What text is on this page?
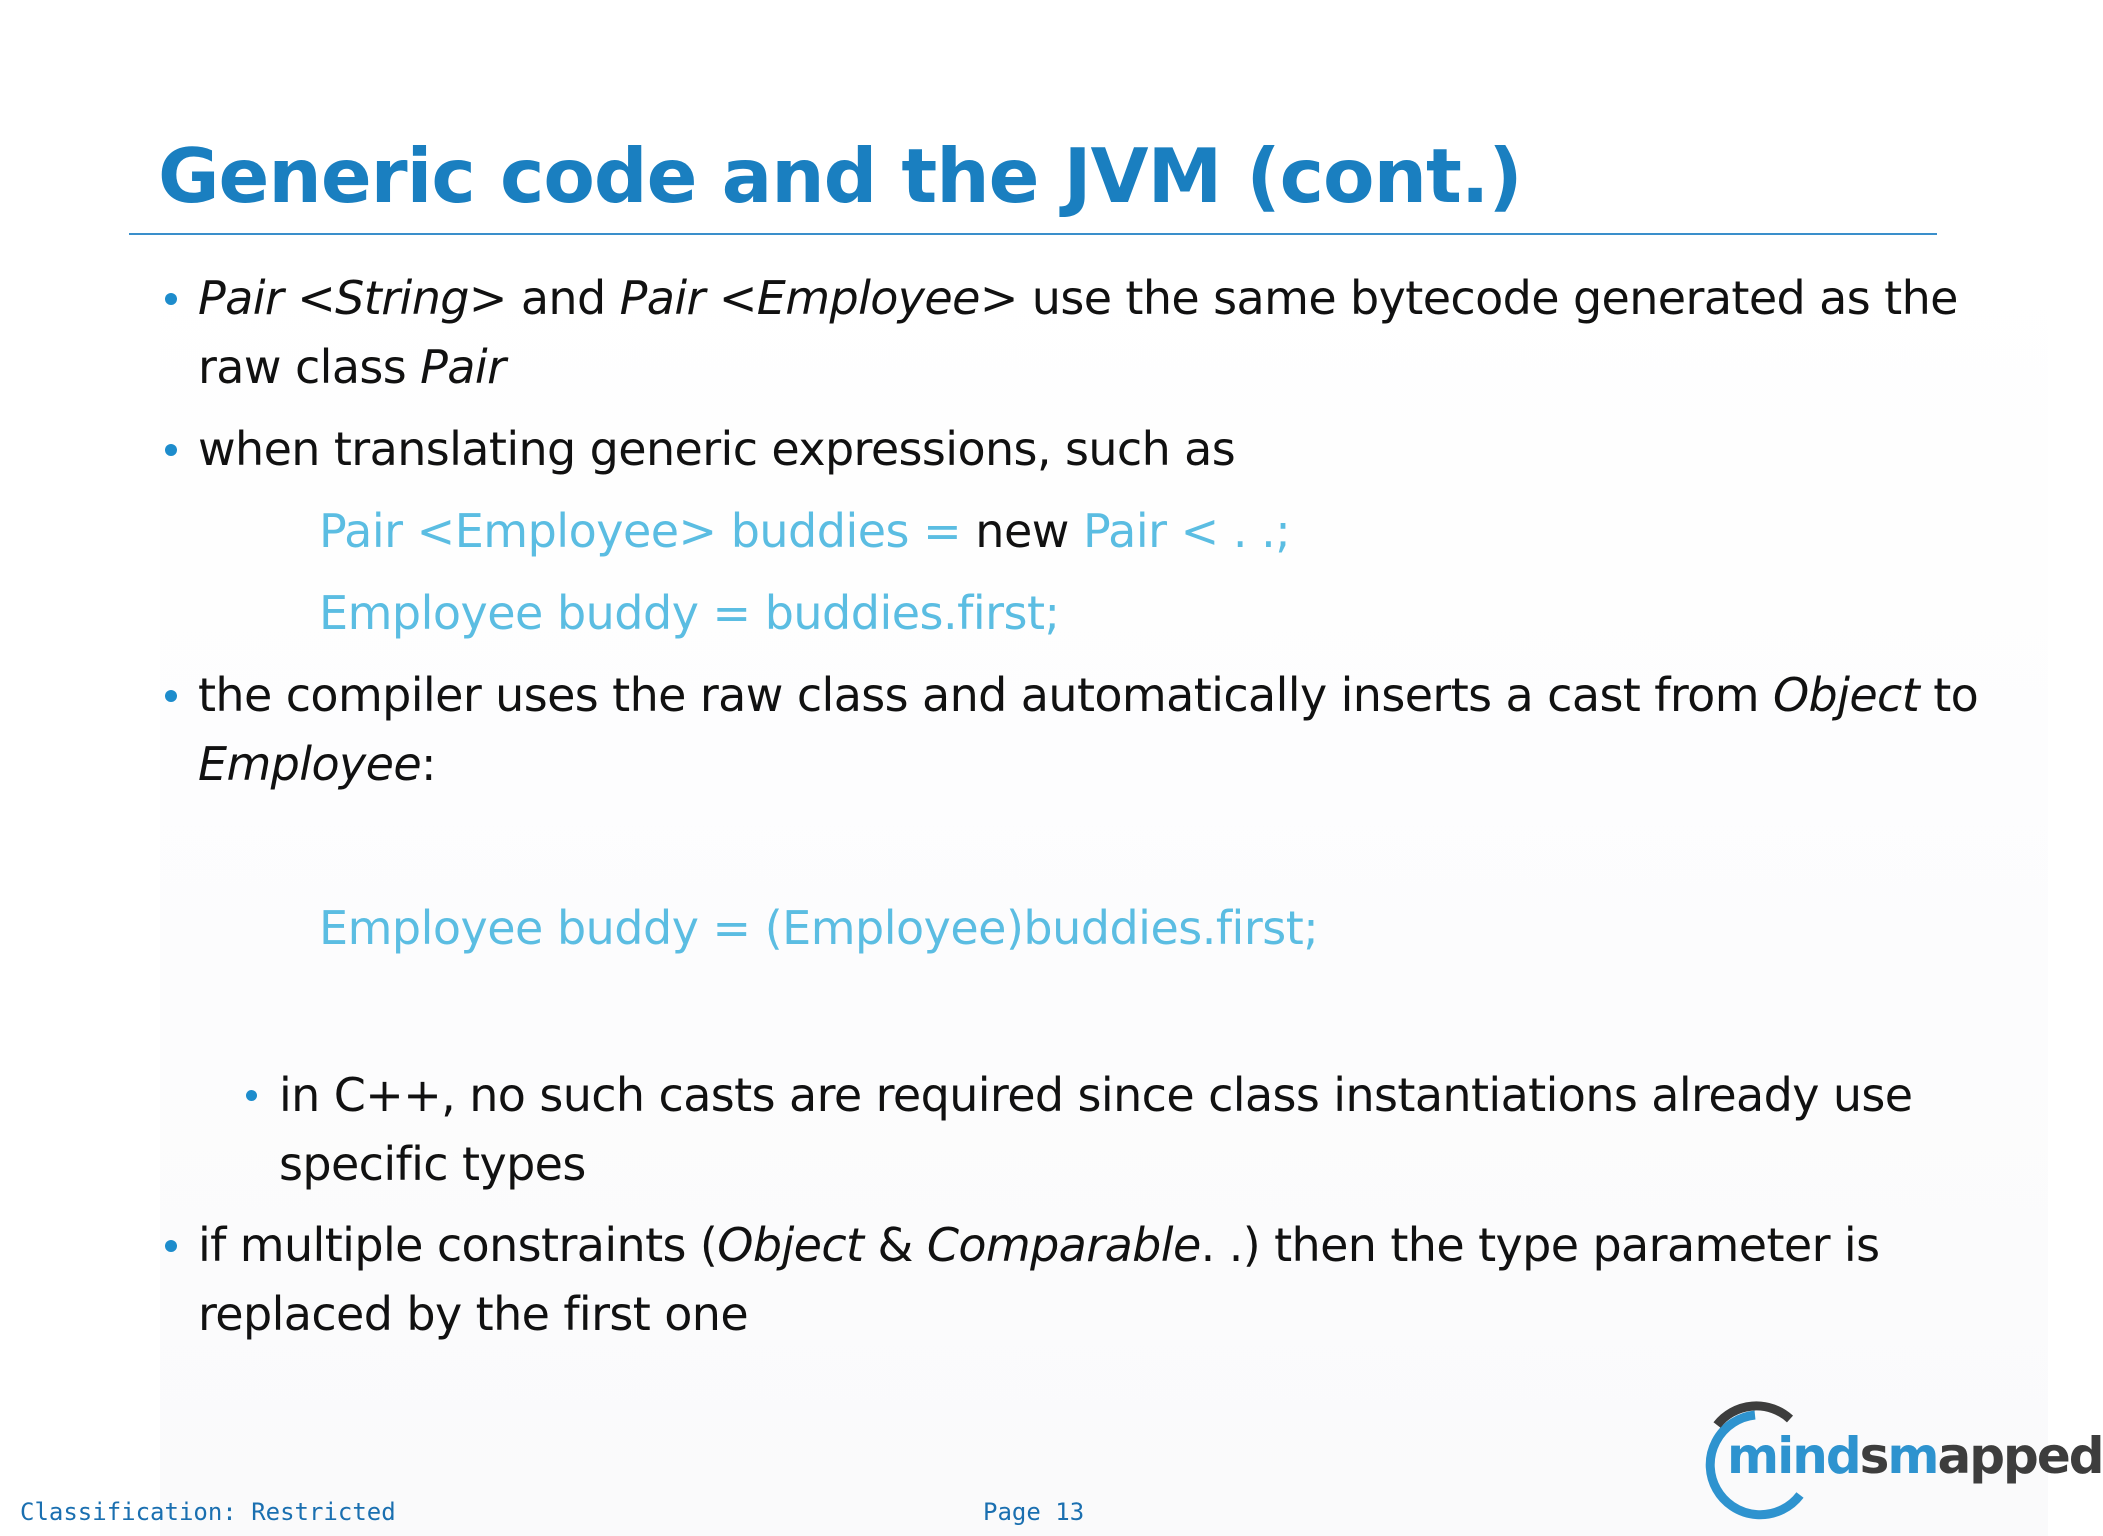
Generic code and the JVM (cont.)
Pair <String> and Pair <Employee> use the same bytecode generated as the raw class Pair
when translating generic expressions, such as
Pair <Employee> buddies = new Pair < . .;
Employee buddy = buddies.first;
the compiler uses the raw class and automatically inserts a cast from Object to Employee:
Employee buddy = (Employee)buddies.first;
in C++, no such casts are required since class instantiations already use specific types
if multiple constraints (Object & Comparable. .) then the type parameter is replaced by the first one
Classification: Restricted	Page 13
mindsmapped
